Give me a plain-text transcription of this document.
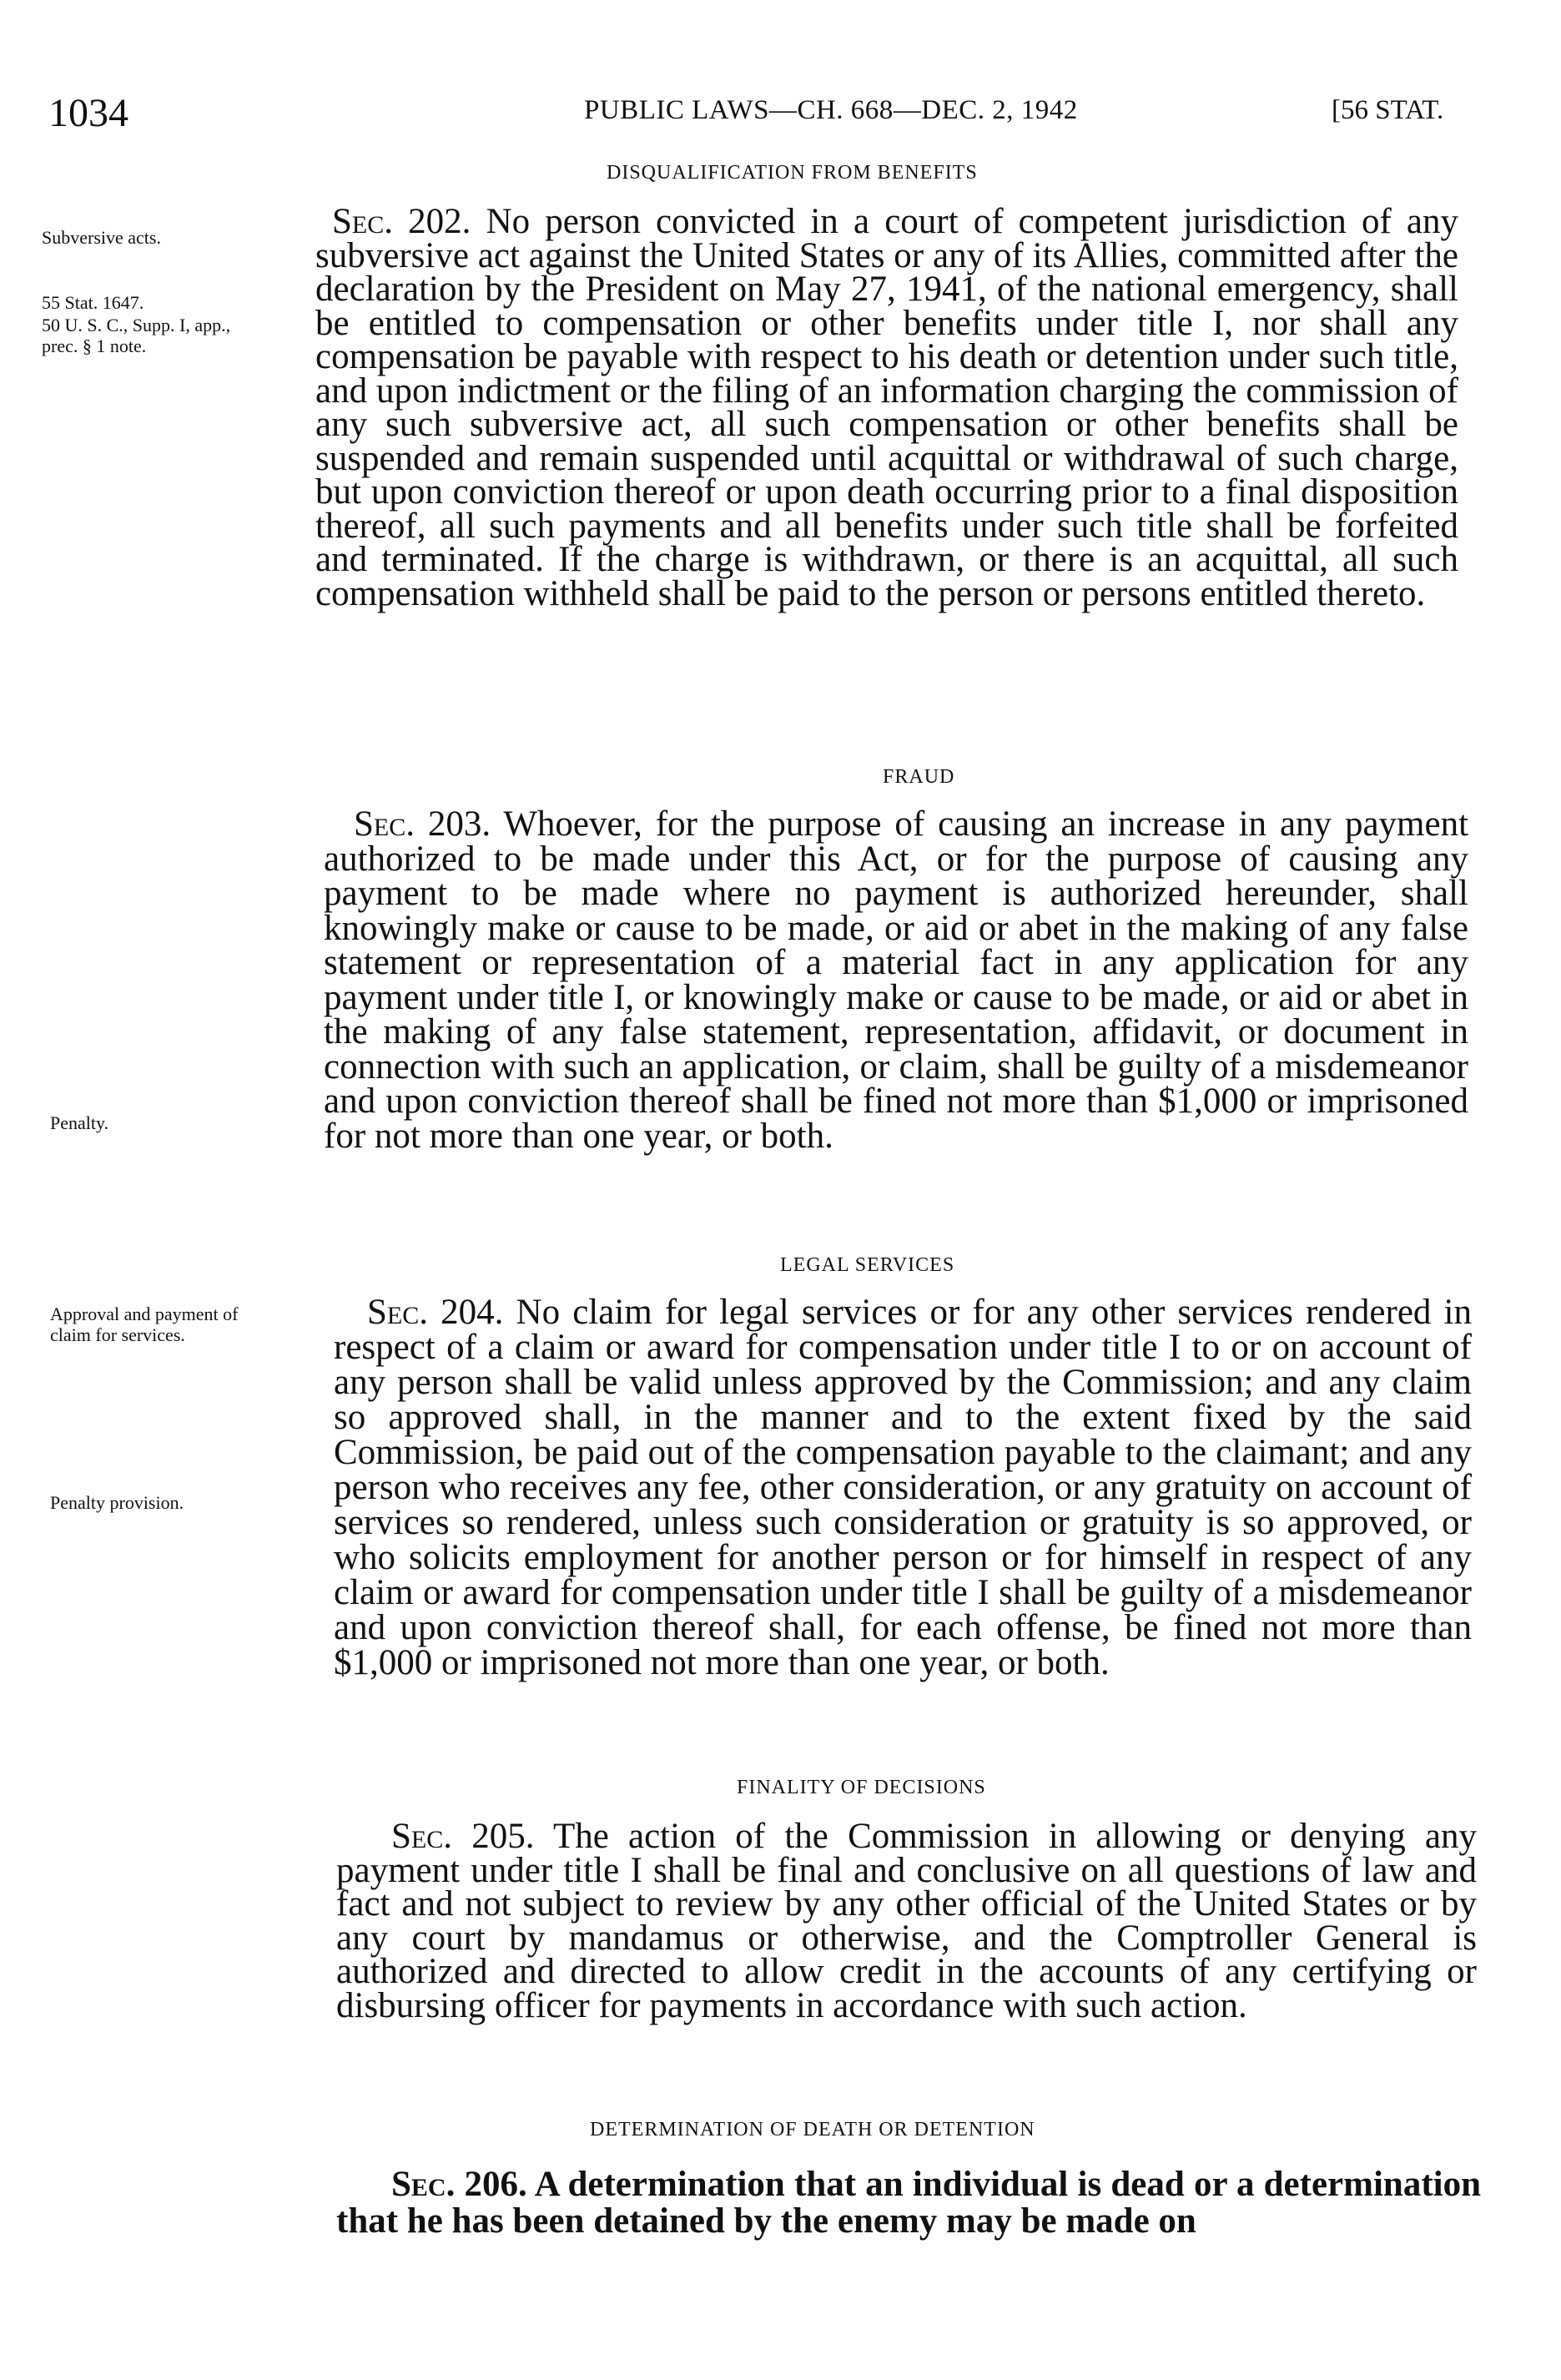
1034	PUBLIC LAWS—CH. 668—DEC. 2, 1942	[56 STAT.
Subversive acts.
55 Stat. 1647.
50 U. S. C., Supp. I, app., prec. § 1 note.
Penalty.
Approval and payment of claim for services.
Penalty provision.
DISQUALIFICATION FROM BENEFITS
Sec. 202. No person convicted in a court of competent jurisdiction of any subversive act against the United States or any of its Allies, committed after the declaration by the President on May 27, 1941, of the national emergency, shall be entitled to compensation or other benefits under title I, nor shall any compensation be payable with respect to his death or detention under such title, and upon indictment or the filing of an information charging the commission of any such subversive act, all such compensation or other benefits shall be suspended and remain suspended until acquittal or withdrawal of such charge, but upon conviction thereof or upon death occurring prior to a final disposition thereof, all such payments and all benefits under such title shall be forfeited and terminated. If the charge is withdrawn, or there is an acquittal, all such compensation withheld shall be paid to the person or persons entitled thereto.
FRAUD
Sec. 203. Whoever, for the purpose of causing an increase in any payment authorized to be made under this Act, or for the purpose of causing any payment to be made where no payment is authorized hereunder, shall knowingly make or cause to be made, or aid or abet in the making of any false statement or representation of a material fact in any application for any payment under title I, or knowingly make or cause to be made, or aid or abet in the making of any false statement, representation, affidavit, or document in connection with such an application, or claim, shall be guilty of a misdemeanor and upon conviction thereof shall be fined not more than $1,000 or imprisoned for not more than one year, or both.
LEGAL SERVICES
Sec. 204. No claim for legal services or for any other services rendered in respect of a claim or award for compensation under title I to or on account of any person shall be valid unless approved by the Commission; and any claim so approved shall, in the manner and to the extent fixed by the said Commission, be paid out of the compensation payable to the claimant; and any person who receives any fee, other consideration, or any gratuity on account of services so rendered, unless such consideration or gratuity is so approved, or who solicits employment for another person or for himself in respect of any claim or award for compensation under title I shall be guilty of a misdemeanor and upon conviction thereof shall, for each offense, be fined not more than $1,000 or imprisoned not more than one year, or both.
FINALITY OF DECISIONS
Sec. 205. The action of the Commission in allowing or denying any payment under title I shall be final and conclusive on all questions of law and fact and not subject to review by any other official of the United States or by any court by mandamus or otherwise, and the Comptroller General is authorized and directed to allow credit in the accounts of any certifying or disbursing officer for payments in accordance with such action.
DETERMINATION OF DEATH OR DETENTION
Sec. 206. A determination that an individual is dead or a determination that he has been detained by the enemy may be made on
